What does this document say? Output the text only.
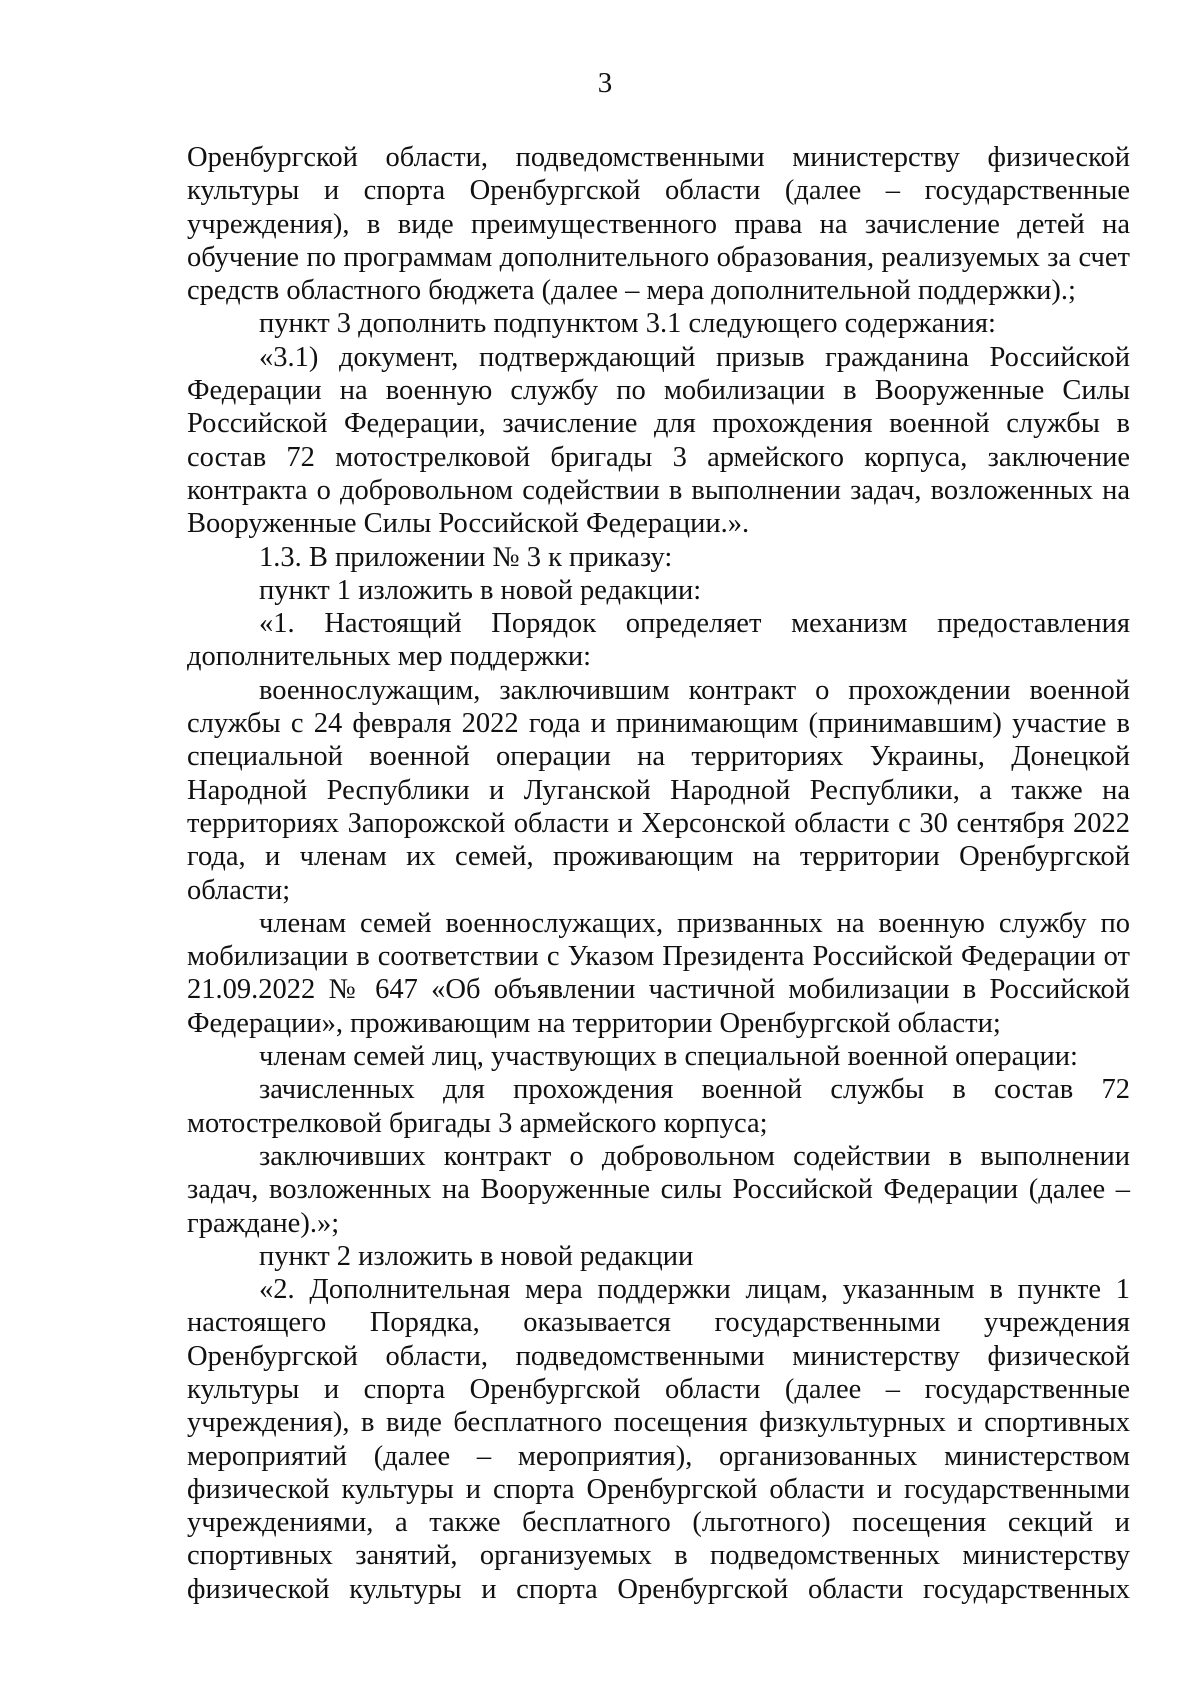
3

Оренбургской области, подведомственными министерству физической культуры и спорта Оренбургской области (далее – государственные учреждения), в виде преимущественного права на зачисление детей на обучение по программам дополнительного образования, реализуемых за счет средств областного бюджета (далее – мера дополнительной поддержки).;

пункт 3 дополнить подпунктом 3.1 следующего содержания:

«3.1) документ, подтверждающий призыв гражданина Российской Федерации на военную службу по мобилизации в Вооруженные Силы Российской Федерации, зачисление для прохождения военной службы в состав 72 мотострелковой бригады 3 армейского корпуса, заключение контракта о добровольном содействии в выполнении задач, возложенных на Вооруженные Силы Российской Федерации.».

1.3. В приложении № 3 к приказу:

пункт 1 изложить в новой редакции:

«1. Настоящий Порядок определяет механизм предоставления дополнительных мер поддержки:

военнослужащим, заключившим контракт о прохождении военной службы с 24 февраля 2022 года и принимающим (принимавшим) участие в специальной военной операции на территориях Украины, Донецкой Народной Республики и Луганской Народной Республики, а также на территориях Запорожской области и Херсонской области с 30 сентября 2022 года, и членам их семей, проживающим на территории Оренбургской области;

членам семей военнослужащих, призванных на военную службу по мобилизации в соответствии с Указом Президента Российской Федерации от 21.09.2022 № 647 «Об объявлении частичной мобилизации в Российской Федерации», проживающим на территории Оренбургской области;

членам семей лиц, участвующих в специальной военной операции:

зачисленных для прохождения военной службы в состав 72 мотострелковой бригады 3 армейского корпуса;

заключивших контракт о добровольном содействии в выполнении задач, возложенных на Вооруженные силы Российской Федерации (далее – граждане).»;

пункт 2 изложить в новой редакции

«2. Дополнительная мера поддержки лицам, указанным в пункте 1 настоящего Порядка, оказывается государственными учреждения Оренбургской области, подведомственными министерству физической культуры и спорта Оренбургской области (далее – государственные учреждения), в виде бесплатного посещения физкультурных и спортивных мероприятий (далее – мероприятия), организованных министерством физической культуры и спорта Оренбургской области и государственными учреждениями, а также бесплатного (льготного) посещения секций и спортивных занятий, организуемых в подведомственных министерству физической культуры и спорта Оренбургской области государственных
